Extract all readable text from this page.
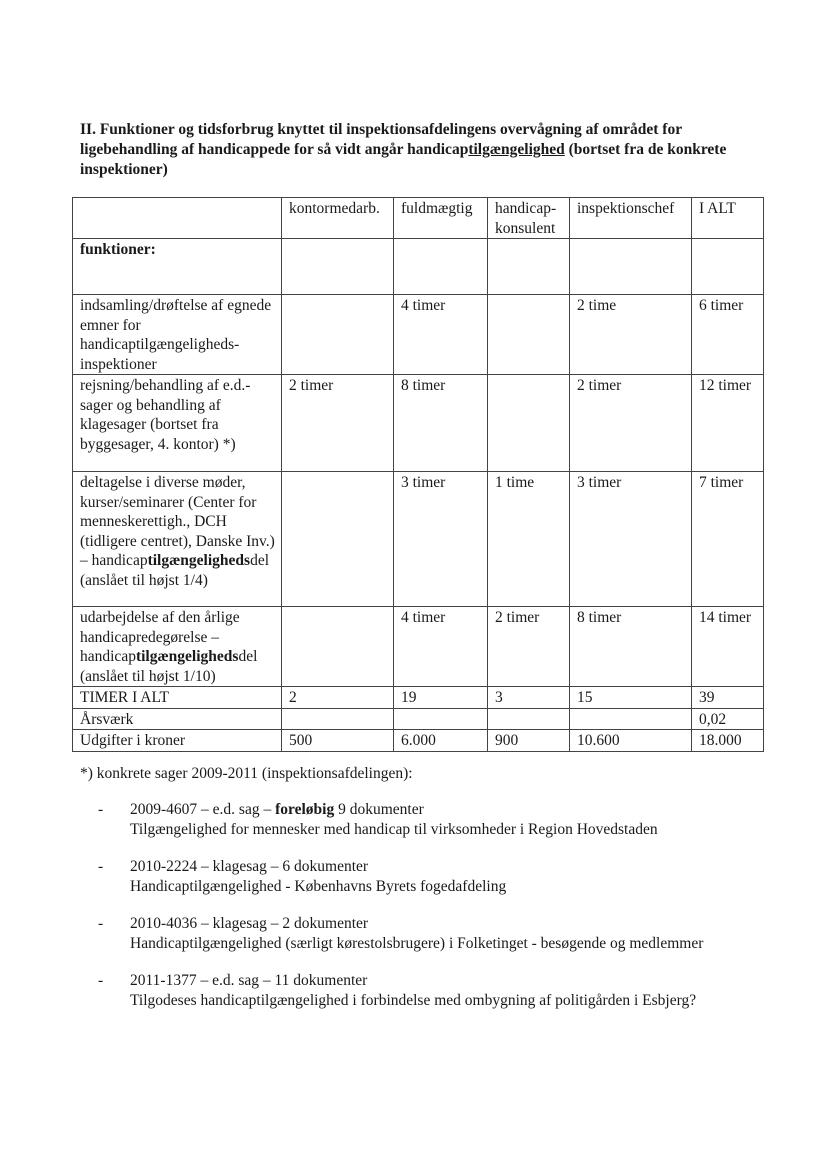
II. Funktioner og tidsforbrug knyttet til inspektionsafdelingens overvågning af området for ligebehandling af handicappede for så vidt angår handicaptilgængelighed (bortset fra de konkrete inspektioner)
	kontormedarb.	fuldmægtig	handicap- konsulent	inspektionschef	I ALT
funktioner:					
indsamling/drøftelse af egnede emner for handicaptilgængeligheds-inspektioner		4 timer		2 time	6 timer
rejsning/behandling af e.d.-sager og behandling af klagesager (bortset fra byggesager, 4. kontor) *)	2 timer	8 timer		2 timer	12 timer
deltagelse i diverse møder, kurser/seminarer (Center for menneskerettigh., DCH (tidligere centret), Danske Inv.) – handicaptilgængelighedsdel (anslået til højst 1/4)		3 timer	1 time	3 timer	7 timer
udarbejdelse af den årlige handicapredegørelse – handicaptilgængelighedsdel (anslået til højst 1/10)		4 timer	2 timer	8 timer	14 timer
TIMER I ALT	2	19	3	15	39
Årsværk					0,02
Udgifter i kroner	500	6.000	900	10.600	18.000
*) konkrete sager 2009-2011 (inspektionsafdelingen):
- 2009-4607 – e.d. sag – foreløbig 9 dokumenter
Tilgængelighed for mennesker med handicap til virksomheder i Region Hovedstaden
- 2010-2224 – klagesag – 6 dokumenter
Handicaptilgængelighed - Københavns Byrets fogedafdeling
- 2010-4036 – klagesag – 2 dokumenter
Handicaptilgængelighed (særligt kørestolsbrugere) i Folketinget - besøgende og medlemmer
- 2011-1377 – e.d. sag – 11 dokumenter
Tilgodeses handicaptilgængelighed i forbindelse med ombygning af politigården i Esbjerg?
